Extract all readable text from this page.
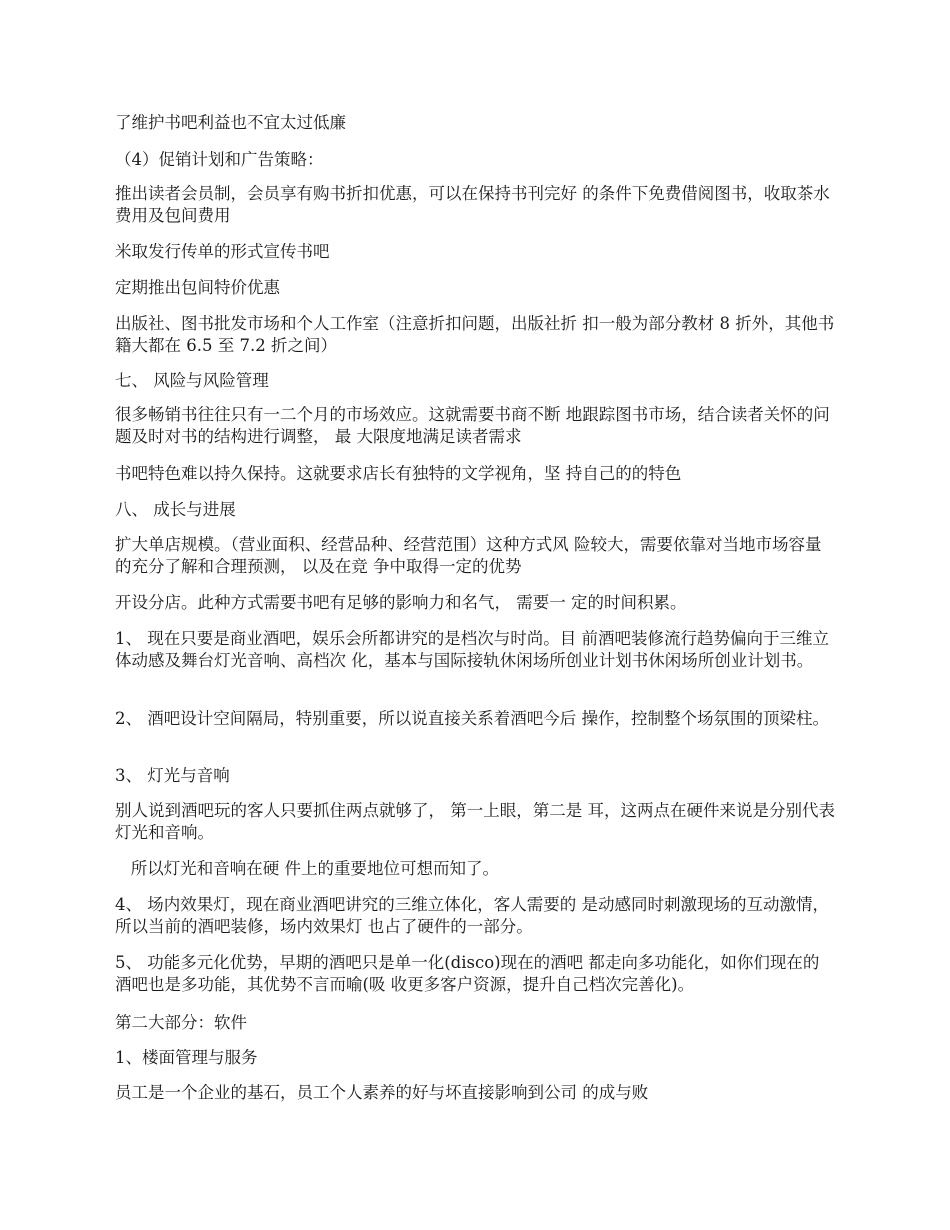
了维护书吧利益也不宜太过低廉

（4）促销计划和广告策略：

推出读者会员制，会员享有购书折扣优惠，可以在保持书刊完好 的条件下免费借阅图书，收取茶水费用及包间费用

米取发行传单的形式宣传书吧

定期推出包间特价优惠

出版社、图书批发市场和个人工作室（注意折扣问题，出版社折 扣一般为部分教材 8 折外，其他书籍大都在 6.5 至 7.2 折之间）

七、 风险与风险管理

很多畅销书往往只有一二个月的市场效应。这就需要书商不断 地跟踪图书市场，结合读者关怀的问题及时对书的结构进行调整， 最 大限度地满足读者需求

书吧特色难以持久保持。这就要求店长有独特的文学视角，坚 持自己的的特色

八、 成长与进展

扩大单店规模。（营业面积、经营品种、经营范围）这种方式风 险较大，需要依靠对当地市场容量的充分了解和合理预测， 以及在竞 争中取得一定的优势

开设分店。此种方式需要书吧有足够的影响力和名气， 需要一 定的时间积累。

1、 现在只要是商业酒吧，娱乐会所都讲究的是档次与时尚。目 前酒吧装修流行趋势偏向于三维立体动感及舞台灯光音响、高档次 化，基本与国际接轨休闲场所创业计划书休闲场所创业计划书。

2、 酒吧设计空间隔局，特别重要，所以说直接关系着酒吧今后 操作，控制整个场氛围的顶梁柱。

3、 灯光与音响

别人说到酒吧玩的客人只要抓住两点就够了， 第一上眼，第二是 耳，这两点在硬件来说是分别代表灯光和音响。

所以灯光和音响在硬 件上的重要地位可想而知了。

4、 场内效果灯，现在商业酒吧讲究的三维立体化，客人需要的 是动感同时刺激现场的互动激情，所以当前的酒吧装修，场内效果灯 也占了硬件的一部分。

5、 功能多元化优势，早期的酒吧只是单一化(disco)现在的酒吧 都走向多功能化，如你们现在的酒吧也是多功能，其优势不言而喻(吸 收更多客户资源，提升自己档次完善化)。

第二大部分：软件

1、楼面管理与服务

员工是一个企业的基石，员工个人素养的好与坏直接影响到公司 的成与败
